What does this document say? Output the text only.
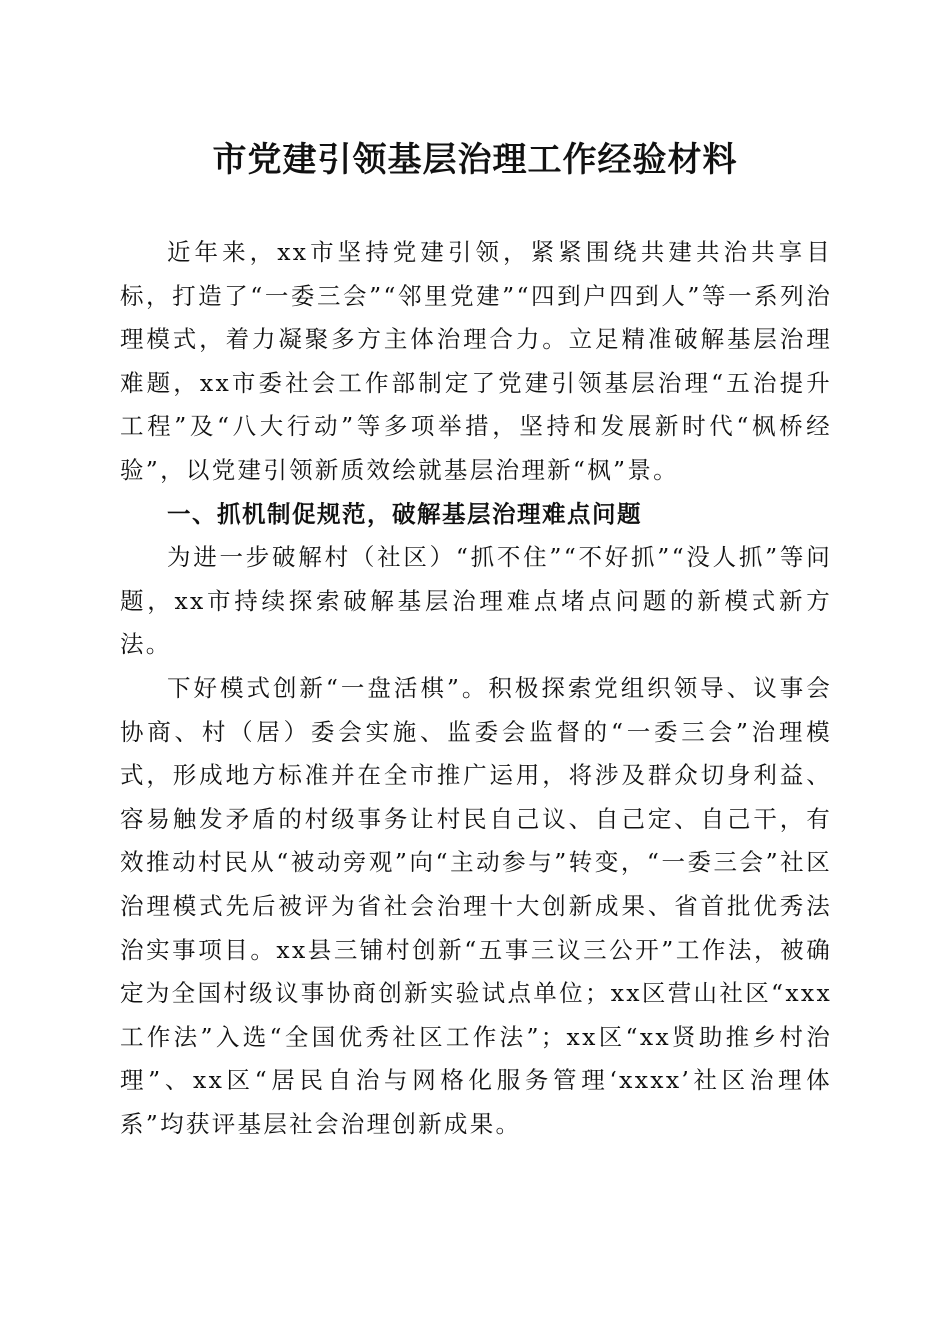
市党建引领基层治理工作经验材料

近年来，xx市坚持党建引领，紧紧围绕共建共治共享目标，打造了“一委三会”“邻里党建”“四到户四到人”等一系列治理模式，着力凝聚多方主体治理合力。立足精准破解基层治理难题，xx市委社会工作部制定了党建引领基层治理“五治提升工程”及“八大行动”等多项举措，坚持和发展新时代“枫桥经验”，以党建引领新质效绘就基层治理新“枫”景。

一、抓机制促规范，破解基层治理难点问题

为进一步破解村（社区）“抓不住”“不好抓”“没人抓”等问题，xx市持续探索破解基层治理难点堵点问题的新模式新方法。

下好模式创新“一盘活棋”。积极探索党组织领导、议事会协商、村（居）委会实施、监委会监督的“一委三会”治理模式，形成地方标准并在全市推广运用，将涉及群众切身利益、容易触发矛盾的村级事务让村民自己议、自己定、自己干，有效推动村民从“被动旁观”向“主动参与”转变，“一委三会”社区治理模式先后被评为省社会治理十大创新成果、省首批优秀法治实事项目。xx县三铺村创新“五事三议三公开”工作法，被确定为全国村级议事协商创新实验试点单位；xx区营山社区“xxx工作法”入选“全国优秀社区工作法”；xx区“xx贤助推乡村治理”、xx区“居民自治与网格化服务管理‘xxxx’社区治理体系”均获评基层社会治理创新成果。
